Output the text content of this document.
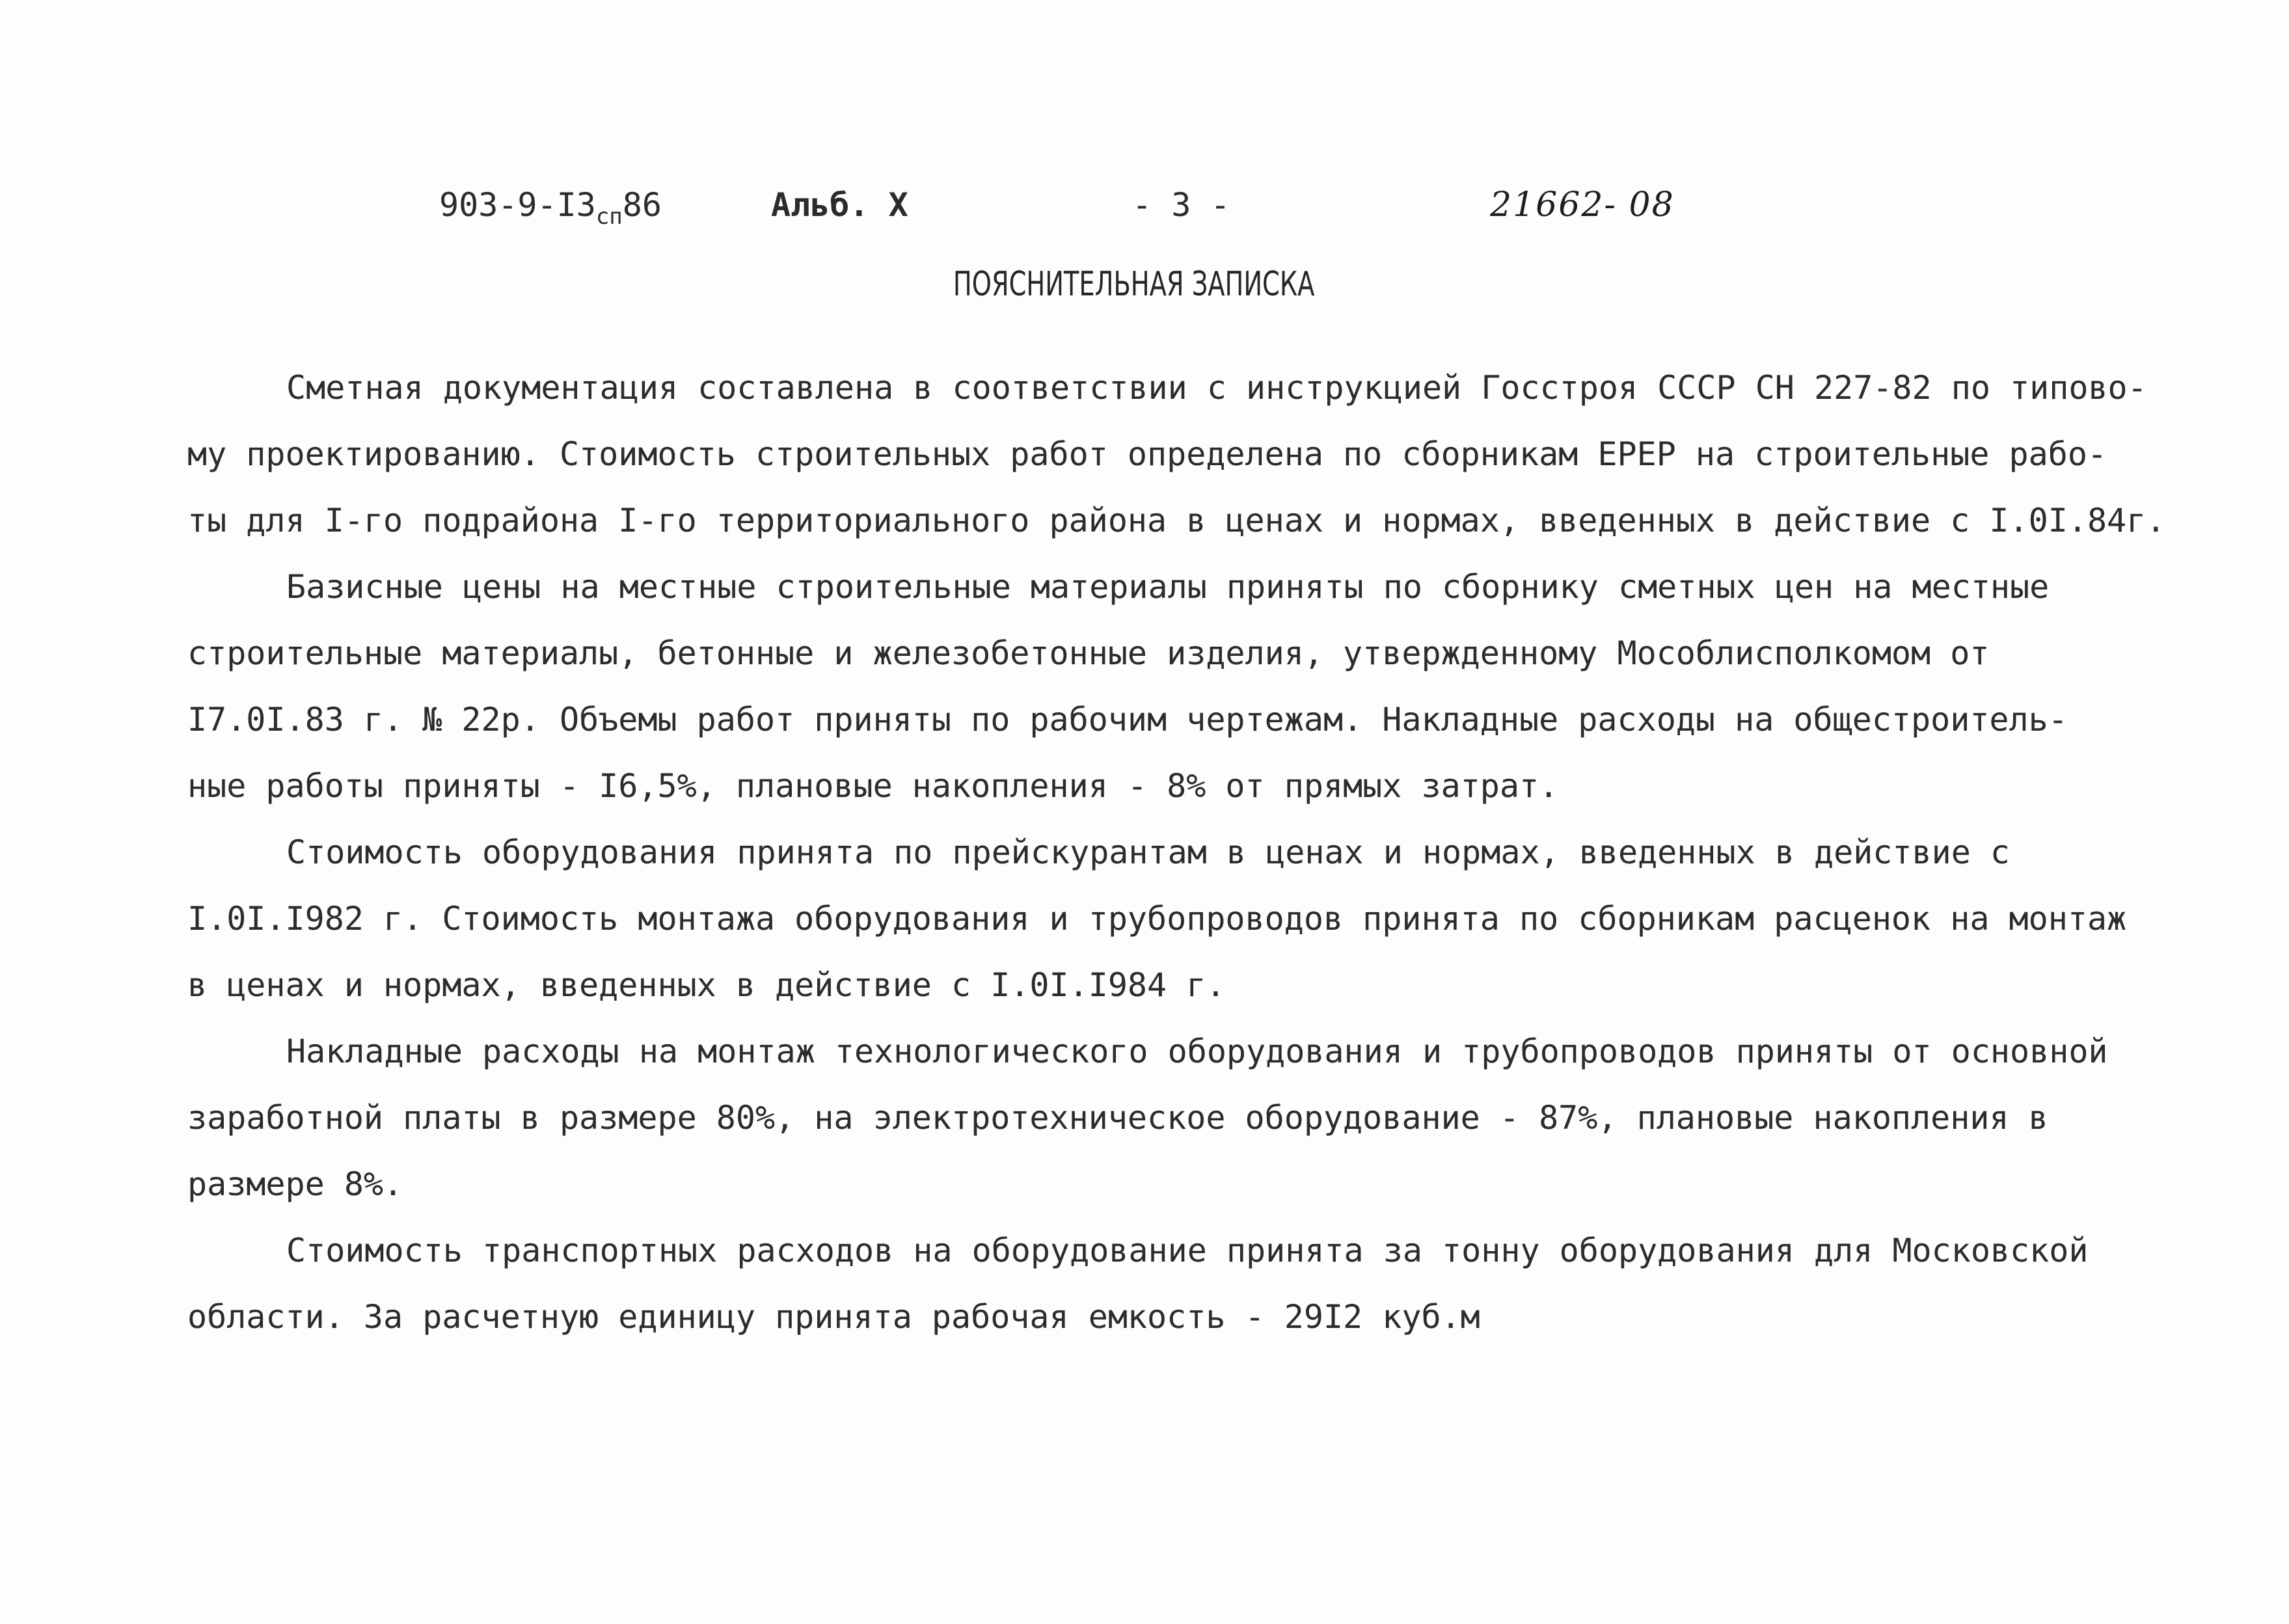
$903-9-I3_{сп}86$	Альб. X	- 3 -	21662- 08
ПОЯСНИТЕЛЬНАЯ ЗАПИСКА
Сметная документация составлена в соответствии с инструкцией Госстроя СССР СН 227-82 по типово-
му проектированию. Стоимость строительных работ определена по сборникам ЕРЕР на строительные рабо-
ты для I-го подрайона I-го территориального района в ценах и нормах, введенных в действие с I.0I.84г.
Базисные цены на местные строительные материалы приняты по сборнику сметных цен на местные
строительные материалы, бетонные и железобетонные изделия, утвержденному Мособлисполкомом от
I7.0I.83 г. № 22р. Объемы работ приняты по рабочим чертежам. Накладные расходы на общестроитель-
ные работы приняты - I6,5%, плановые накопления - 8% от прямых затрат.
Стоимость оборудования принята по прейскурантам в ценах и нормах, введенных в действие с
I.0I.I982 г. Стоимость монтажа оборудования и трубопроводов принята по сборникам расценок на монтаж
в ценах и нормах, введенных в действие с I.0I.I984 г.
Накладные расходы на монтаж технологического оборудования и трубопроводов приняты от основной
заработной платы в размере 80%, на электротехническое оборудование - 87%, плановые накопления в
размере 8%.
Стоимость транспортных расходов на оборудование принята за тонну оборудования для Московской
области. За расчетную единицу принята рабочая емкость - 29I2 куб.м
